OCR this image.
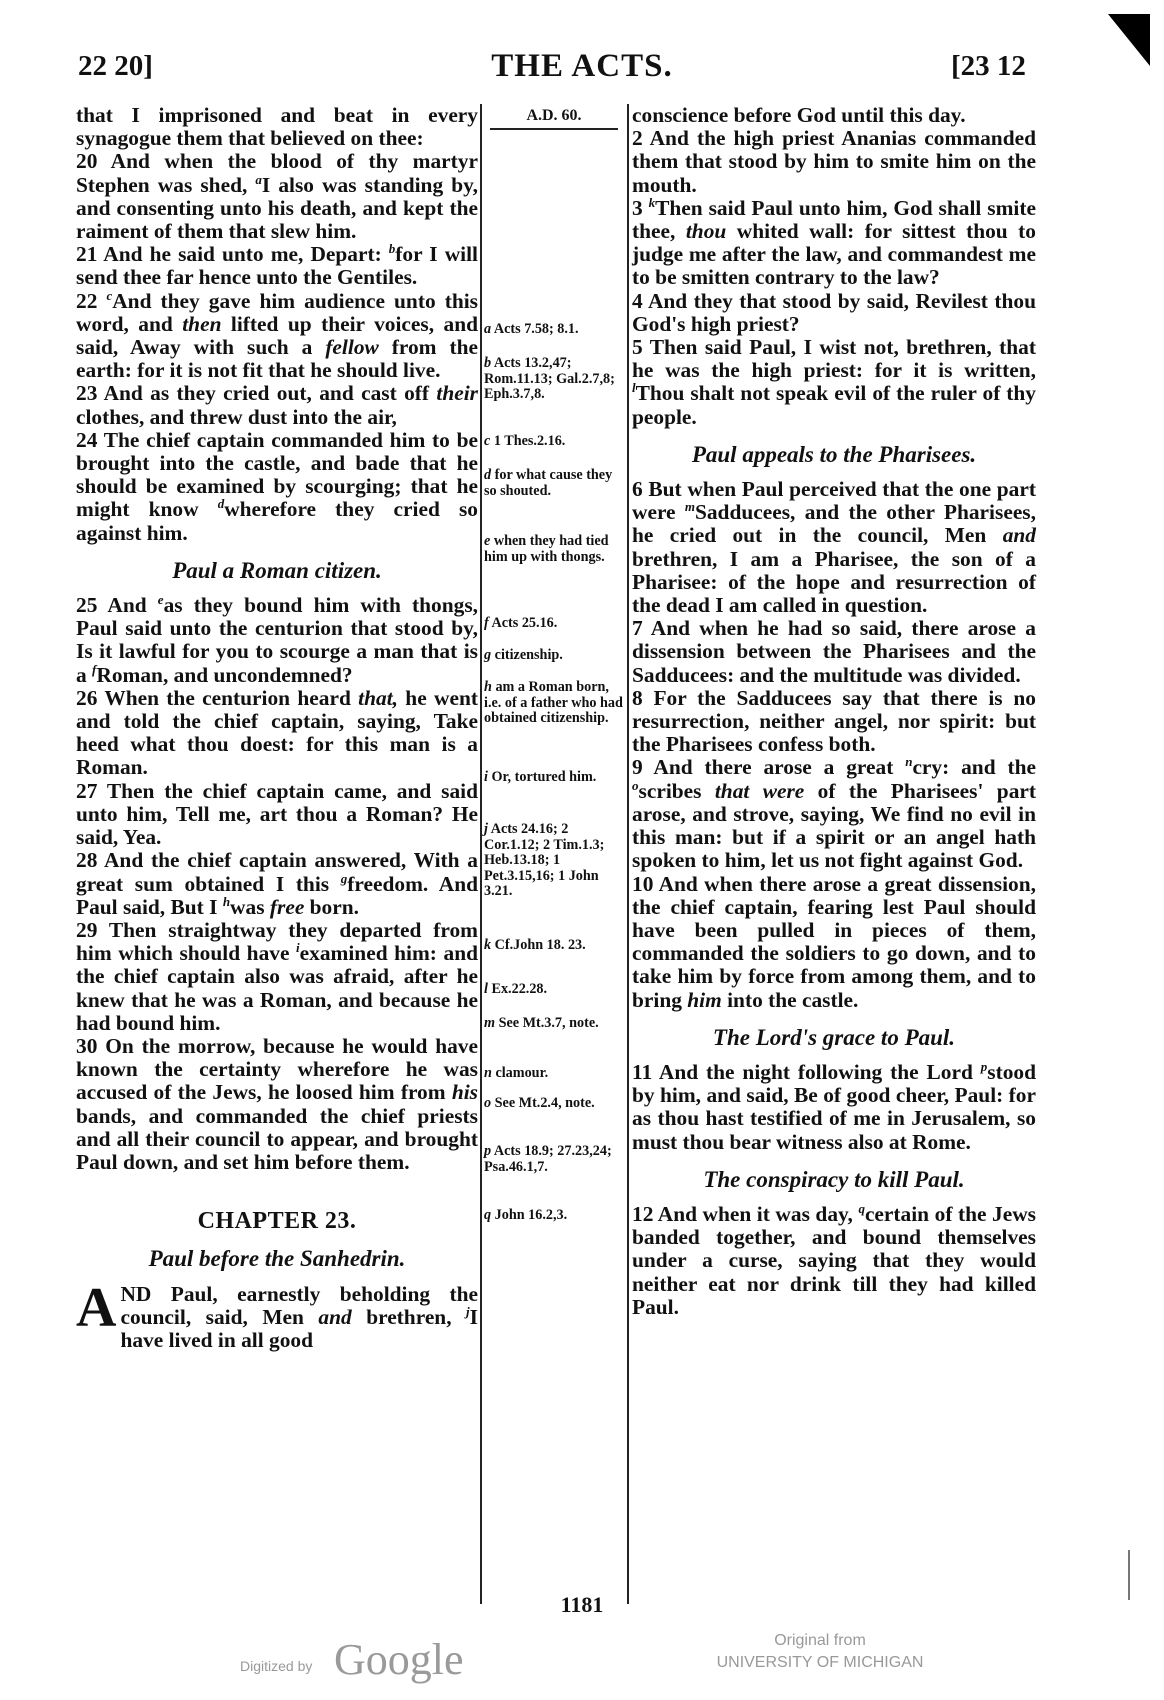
22 20]	THE ACTS.	[23 12

that I imprisoned and beat in every synagogue them that believed on thee:

20 And when the blood of thy martyr Stephen was shed, $^a$I also was standing by, and consenting unto his death, and kept the raiment of them that slew him.

21 And he said unto me, Depart: $^b$for I will send thee far hence unto the Gentiles.

22 $^c$And they gave him audience unto this word, and then lifted up their voices, and said, Away with such a fellow from the earth: for it is not fit that he should live.

23 And as they cried out, and cast off their clothes, and threw dust into the air,

24 The chief captain commanded him to be brought into the castle, and bade that he should be examined by scourging; that he might know $^d$wherefore they cried so against him.

Paul a Roman citizen.

25 And $^e$as they bound him with thongs, Paul said unto the centurion that stood by, Is it lawful for you to scourge a man that is a $^f$Roman, and uncondemned?

26 When the centurion heard that, he went and told the chief captain, saying, Take heed what thou doest: for this man is a Roman.

27 Then the chief captain came, and said unto him, Tell me, art thou a Roman? He said, Yea.

28 And the chief captain answered, With a great sum obtained I this $^g$freedom. And Paul said, But I $^h$was free born.

29 Then straightway they departed from him which should have $^i$examined him: and the chief captain also was afraid, after he knew that he was a Roman, and because he had bound him.

30 On the morrow, because he would have known the certainty wherefore he was accused of the Jews, he loosed him from his bands, and commanded the chief priests and all their council to appear, and brought Paul down, and set him before them.

CHAPTER 23.
Paul before the Sanhedrin.

AND Paul, earnestly beholding the council, said, Men and brethren, $^j$I have lived in all good

A.D. 60.
a Acts 7.58; 8.1.
b Acts 13.2,47; Rom.11.13; Gal.2.7,8; Eph.3.7,8.
c 1 Thes.2.16.
d for what cause they so shouted.
e when they had tied him up with thongs.
f Acts 25.16.
g citizenship.
h am a Roman born, i.e. of a father who had obtained citizenship.
i Or, tortured him.
j Acts 24.16; 2 Cor.1.12; 2 Tim.1.3; Heb.13.18; 1 Pet.3.15,16; 1 John 3.21.
k Cf.John 18. 23.
l Ex.22.28.
m See Mt.3.7, note.
n clamour.
o See Mt.2.4, note.
p Acts 18.9; 27.23,24; Psa.46.1,7.
q John 16.2,3.

conscience before God until this day.

2 And the high priest Ananias commanded them that stood by him to smite him on the mouth.

3 $^k$Then said Paul unto him, God shall smite thee, thou whited wall: for sittest thou to judge me after the law, and commandest me to be smitten contrary to the law?

4 And they that stood by said, Revilest thou God's high priest?

5 Then said Paul, I wist not, brethren, that he was the high priest: for it is written, $^l$Thou shalt not speak evil of the ruler of thy people.

Paul appeals to the Pharisees.

6 But when Paul perceived that the one part were $^m$Sadducees, and the other Pharisees, he cried out in the council, Men and brethren, I am a Pharisee, the son of a Pharisee: of the hope and resurrection of the dead I am called in question.

7 And when he had so said, there arose a dissension between the Pharisees and the Sadducees: and the multitude was divided.

8 For the Sadducees say that there is no resurrection, neither angel, nor spirit: but the Pharisees confess both.

9 And there arose a great $^n$cry: and the $^o$scribes that were of the Pharisees' part arose, and strove, saying, We find no evil in this man: but if a spirit or an angel hath spoken to him, let us not fight against God.

10 And when there arose a great dissension, the chief captain, fearing lest Paul should have been pulled in pieces of them, commanded the soldiers to go down, and to take him by force from among them, and to bring him into the castle.

The Lord's grace to Paul.

11 And the night following the Lord $^p$stood by him, and said, Be of good cheer, Paul: for as thou hast testified of me in Jerusalem, so must thou bear witness also at Rome.

The conspiracy to kill Paul.

12 And when it was day, $^q$certain of the Jews banded together, and bound themselves under a curse, saying that they would neither eat nor drink till they had killed Paul.

1181
Digitized by Google	Original from
UNIVERSITY OF MICHIGAN
